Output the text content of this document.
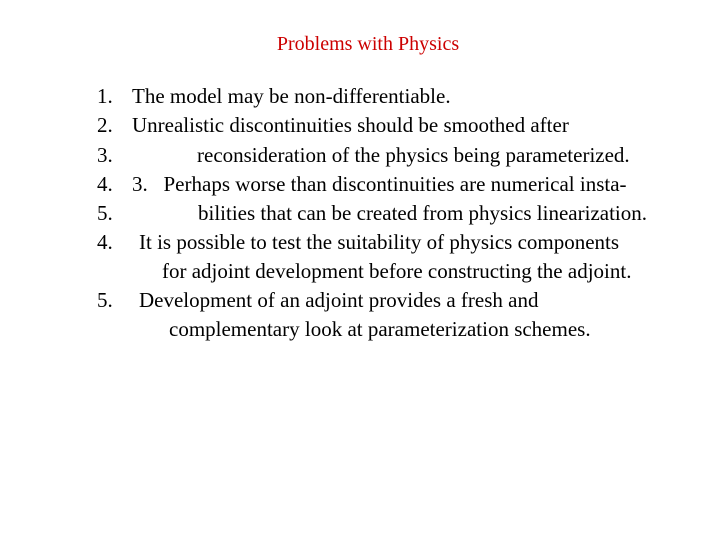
Problems with Physics
1. The model may be non-differentiable.
2. Unrealistic discontinuities should be smoothed after
3.	reconsideration of the physics being parameterized.
4. 3.   Perhaps worse than discontinuities are numerical insta-
5.	bilities that can be created from physics linearization.
4. It is possible to test the suitability of physics components
for adjoint development before constructing the adjoint.
5. Development of an adjoint provides a fresh and
complementary look at parameterization schemes.
